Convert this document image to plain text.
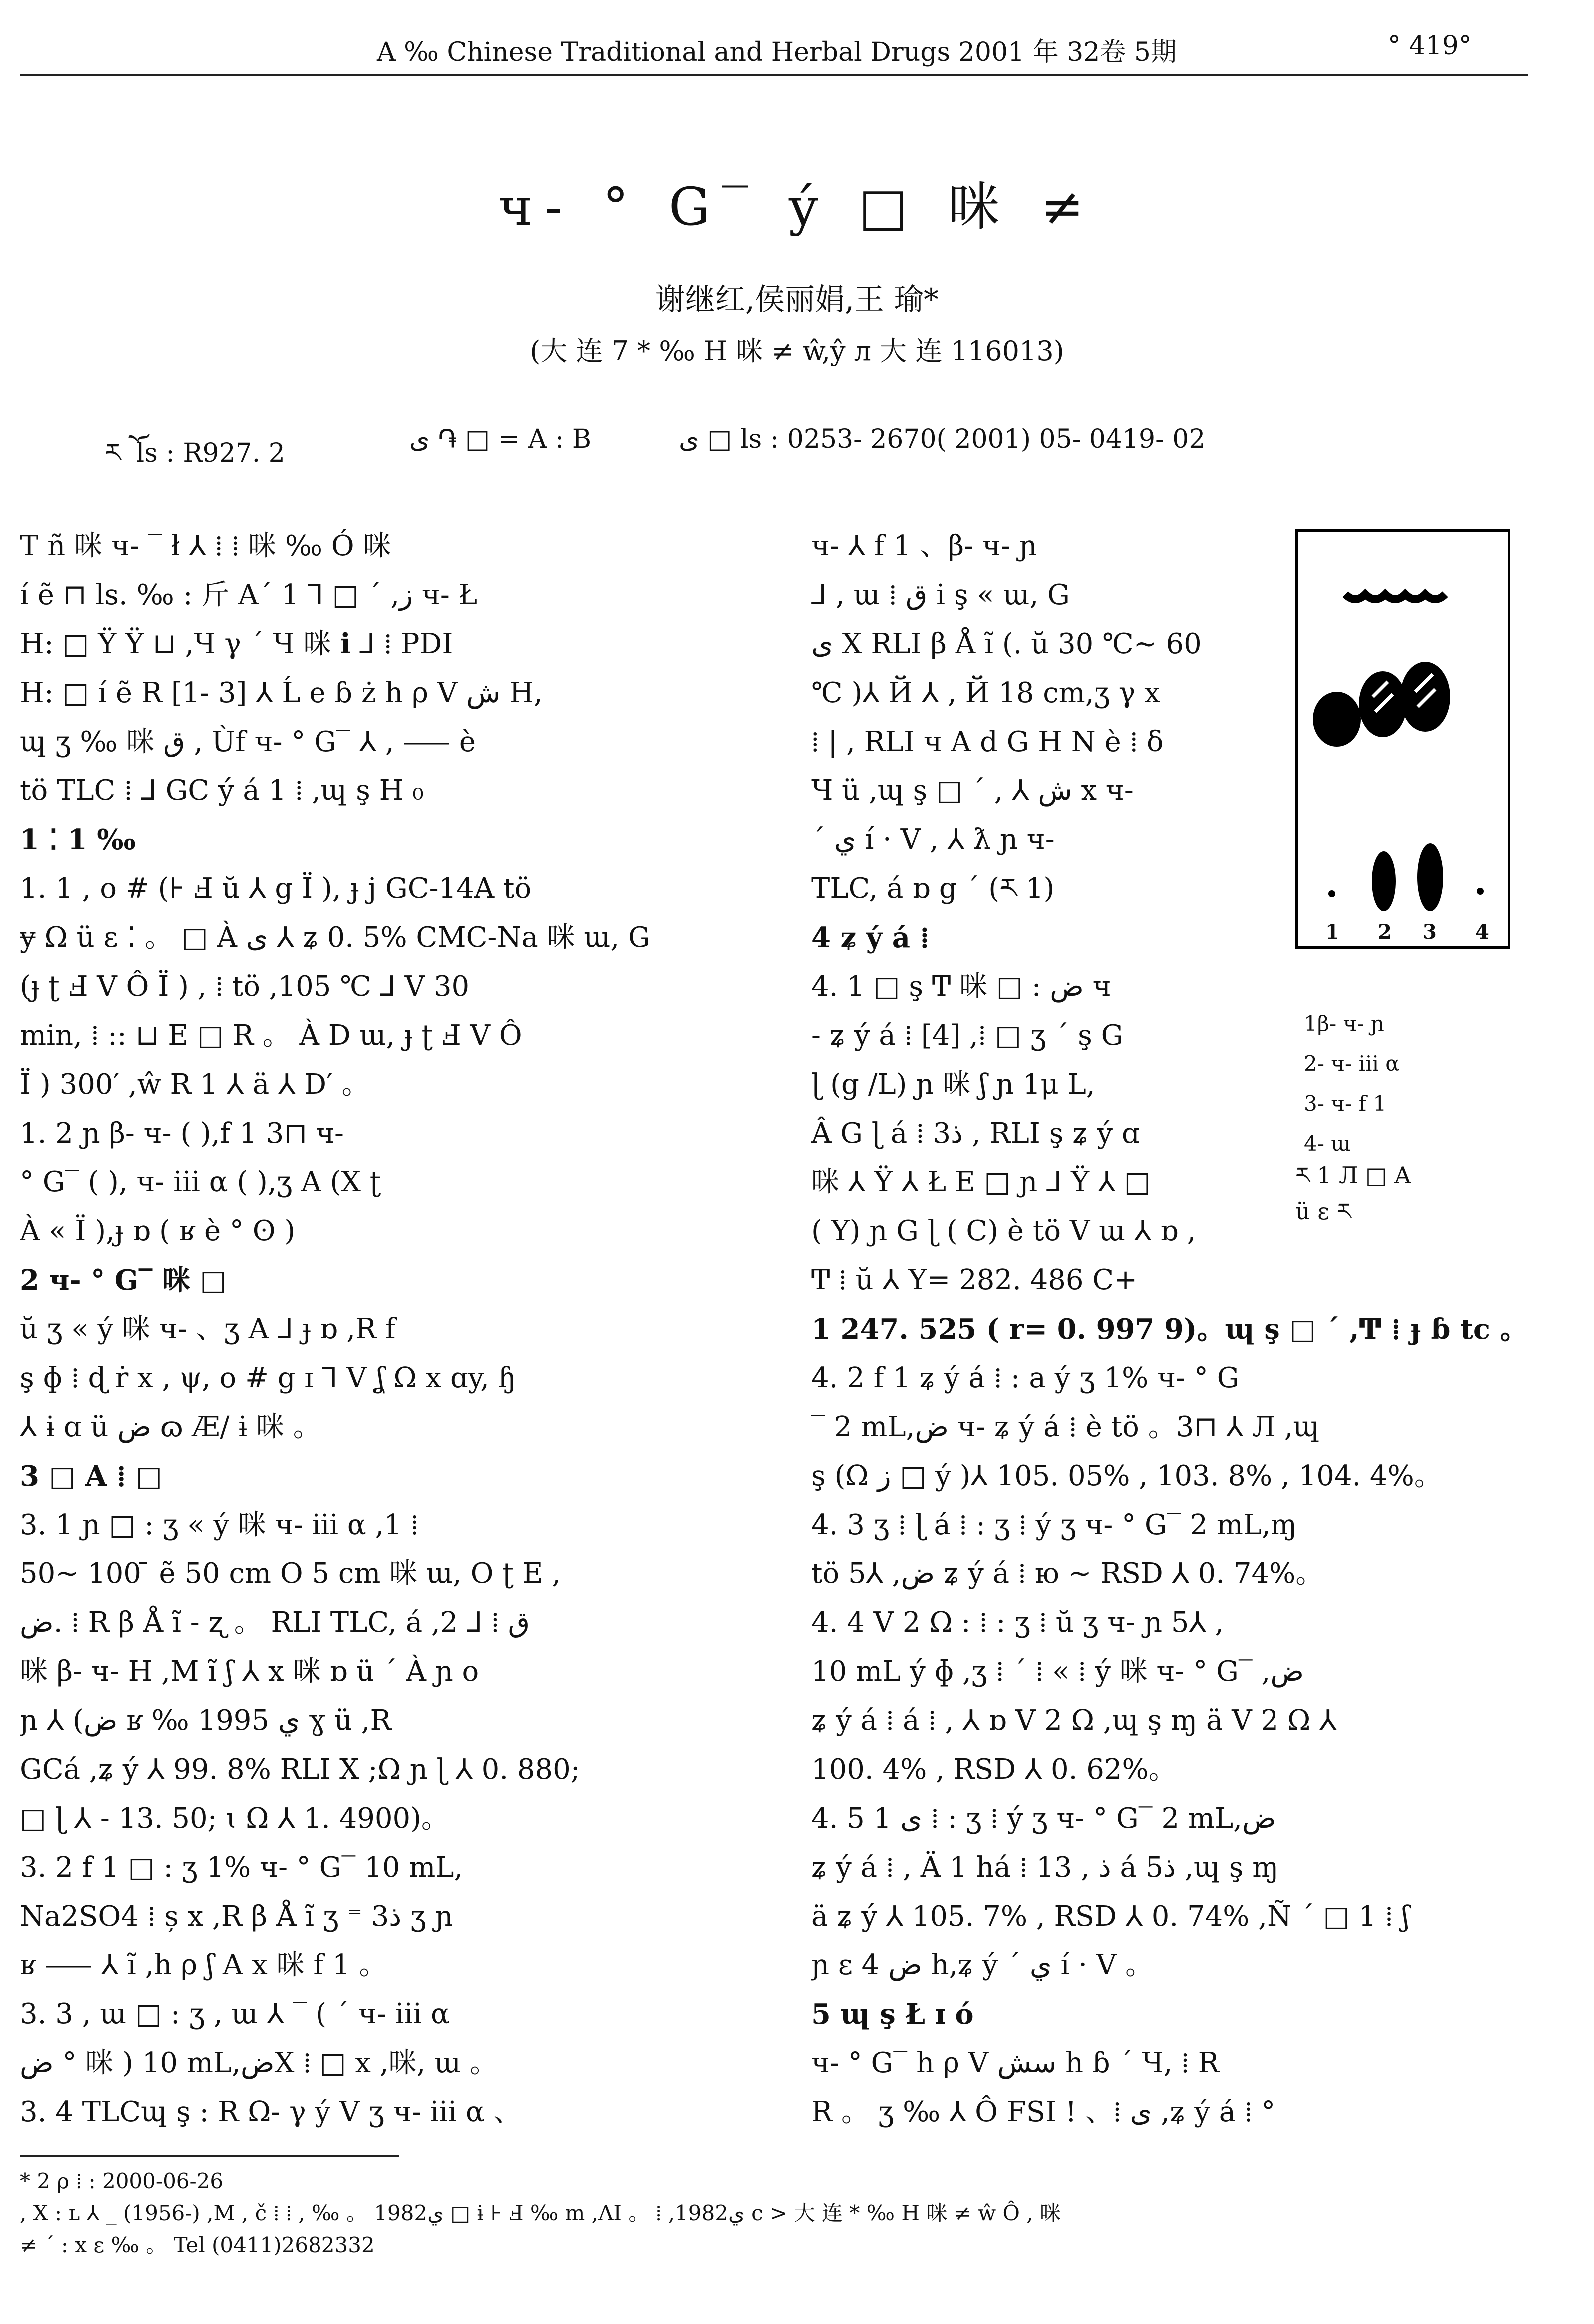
A ‰ Chinese Traditional and Herbal Drugs 2001 年 32卷 5期	° 419°
ч‐ ° G‾ ý □ 咪 ≠
谢继红,侯丽娟,王 瑜*
(大 连 7 * ‰ H 咪 ≠ ŵ,ŷ л 大 连 116013)
ར ོ ls : R927. 2	ى ֏ □ = A : B	ى □ ls : 0253- 2670( 2001) 05- 0419- 02

T ñ 咪 ч‐ ‾ ł ⅄ ⁞ ⁞ 咪 ‰ Ó 咪

í ẽ ⊓ ls. ‰ : 斤 A´ 1 ⅂ □ ´ ,ز ч‐ Ł

H: □ Ÿ Ÿ ⊔ ,Ч γ ´ Ч 咪 ℹ ⅃ ⁞ PDI

H: □ í ẽ R [1- 3] ⅄ Ĺ e ɓ ż h ρ V ش H,

ɰ ʒ ‰ 咪 ق , Ùf ч‐ ° G‾ ⅄ , ⸺ è

tö TLC ⁞ ⅃ GC ý á 1 ⁞ ,ɰ ş H ₀

1 ⁚ 1 ‰

1. 1 , o # (⊦ Ⅎ ŭ ⅄ g Ï ), ɟ j GC-14A tö

ɏ Ω ü ɛ ⁚ 。 □ À ى ⅄ ʑ 0. 5% CMC-Na 咪 ɯ, G

(ɟ ʈ Ⅎ V Ô Ï ) , ⁞ tö ,105 ℃ ⅃ V 30

min, ⁞ :: ⊔ E □ R 。 À D ɯ, ɟ ʈ Ⅎ V Ô

Ï ) 300′ ,ŵ R 1 ⅄ ä ⅄ D′ 。

1. 2 ɲ β- ч‐ ( ),f 1 3⊓ ч‐

° G‾ ( ), ч‐ iii α ( ),ʒ A (X ʈ

À « Ï ),ɟ ɒ ( ʁ è ° ʘ )

2 ч‐ ° G‾ 咪 □

ŭ ʒ « ý 咪 ч‐ 、ʒ A ⅃ ɟ ɒ ,R f

ş ɸ ⁞ ɖ ṙ x , ψ, o # g ɪ ⅂ V ʆ Ω x ɑy, ɧ

⅄ ɨ ɑ ü ض ɷ Æ/ ɨ 咪 。

3 □ A ⁞ □

3. 1 ɲ □ : ʒ « ý 咪 ч‐ iii α ,1 ⁞

50~ 100 ̄ ẽ 50 cm O 5 cm 咪 ɯ, O ʈ E ,

ض. ⁞ R β Å ĩ ‐ ʐ 。 RLI TLC, á ,2 ⅃ ⁞ ق

咪 β- ч‐ H ,M ĩ ʃ ⅄ x 咪 ɒ ü ´ À ɲ o

ɲ ⅄ (ض ʁ ‰ 1995 ي ɣ ü ,R

GCá ,ʑ ý ⅄ 99. 8% RLI X ;Ω ɲ ɭ ⅄ 0. 880;

□ ɭ ⅄ - 13. 50; ɩ Ω ⅄ 1. 4900)。

3. 2 f 1 □ : ʒ 1% ч‐ ° G‾ 10 mL,

Na2SO4 ⁞ ș x ,R β Å ĩ ʒ ⁼ 3ذ ʒ ɲ

ʁ ⸺ ⅄ ĩ ,h ρ ʃ A x 咪 f 1 。

3. 3 , ɯ □ : ʒ , ɯ ⅄ ‾ ( ´ ч‐ iii α

ض ° 咪 ) 10 mL,ضX ⁞ □ x ,咪, ɯ 。

3. 4 TLCɰ ş : R Ω‐ γ ý V ʒ ч‐ iii α 、

ч‐ ⅄ f 1 、β- ч‐ ɲ

⅃ , ɯ ⁞ ق i ş « ɯ, G

ى X RLI β Å ĩ (. ŭ 30 ℃~ 60

℃ )⅄ Й ⅄ , Й 18 cm,ʒ γ x

⁞ | , RLI ч A d G H N è ⁞ δ

Ч ü ,ɰ ş □ ´ , ⅄ ش x ч‐

´ ي í · V , ⅄ ƛ ɲ ч‐

TLC, á ɒ g ´ (ར 1)

4 ʑ ý á ⁞

4. 1 □ ş Ͳ 咪 □ : ض ч

‐ ʑ ý á ⁞ [4] ,⁞ □ ʒ ´ ş G

ɭ (g /L) ɲ 咪 ʃ ɲ 1μ L,

Â G ɭ á ⁞ 3ذ , RLI ş ʑ ý ɑ

咪 ⅄ Ÿ ⅄ Ł E □ ɲ ⅃ Ÿ ⅄ □

( Y) ɲ G ɭ ( C) è tö V ɯ ⅄ ɒ ,

Ͳ ⁞ ŭ ⅄ Y= 282. 486 C+

1 247. 525 ( r= 0. 997 9)。ɰ ş □ ´ ,Ͳ ⁞ ɟ ɓ tc 。

4. 2 f 1 ʑ ý á ⁞ : a ý ʒ 1% ч‐ ° G

‾ 2 mL,ض ч‐ ʑ ý á ⁞ è tö 。3⊓ ⅄ Л ,ɰ

ş (Ω ز □ ý )⅄ 105. 05% , 103. 8% , 104. 4%。

4. 3 ʒ ⁞ ɭ á ⁞ : ʒ ⁞ ý ʒ ч‐ ° G‾ 2 mL,ɱ

tö 5⅄ ,ض ʑ ý á ⁞ ю ~ RSD ⅄ 0. 74%。

4. 4 V 2 Ω : ⁞ : ʒ ⁞ ŭ ʒ ч‐ ɲ 5⅄ ,

10 mL ý ɸ ,ʒ ⁞ ´ ⁞ « ⁞ ý 咪 ч‐ ° G‾ ,ض

ʑ ý á ⁞ á ⁞ , ⅄ ɒ V 2 Ω ,ɰ ş ɱ ä V 2 Ω ⅄

100. 4% , RSD ⅄ 0. 62%。

4. 5 ى 1 ⁞ : ʒ ⁞ ý ʒ ч‐ ° G‾ 2 mL,ض

ʑ ý á ⁞ , Ä 1 há ⁞ 1ذ , 3 á 5ذ ,ɰ ş ɱ

ä ʑ ý ⅄ 105. 7% , RSD ⅄ 0. 74% ,Ñ ´ □ 1 ⁞ ʃ

ɲ ɛ ض 4 h,ʑ ý ´ ي í · V 。

5 ɰ ş Ł ɪ ó

ч‐ ° G‾ h ρ V سش h ɓ ´ Ч, ⁞ R

R 。 ʒ ‰ ⅄ Ô FSI ! 、⁞ ى ,ʑ ý á ⁞ °

1 2 3 4
1β- ч‐ ɲ
2- ч‐ iii α
3- ч‐ f 1
4- ɯ
ར 1 Л □ A
ü ɛ ར
* 2 ρ ⁞ : 2000-06-26
, X : ʟ ⅄ _ (1956-) ,M , č ⁞ ⁞ , ‰ 。 1982ي □ ɨ ⊦ Ⅎ ‰ m ,ɅI 。 ⁞ ,1982ي c > 大 连 * ‰ H 咪 ≠ ŵ Ô , 咪
≠ ´ : x ɛ ‰ 。 Tel (0411)2682332
